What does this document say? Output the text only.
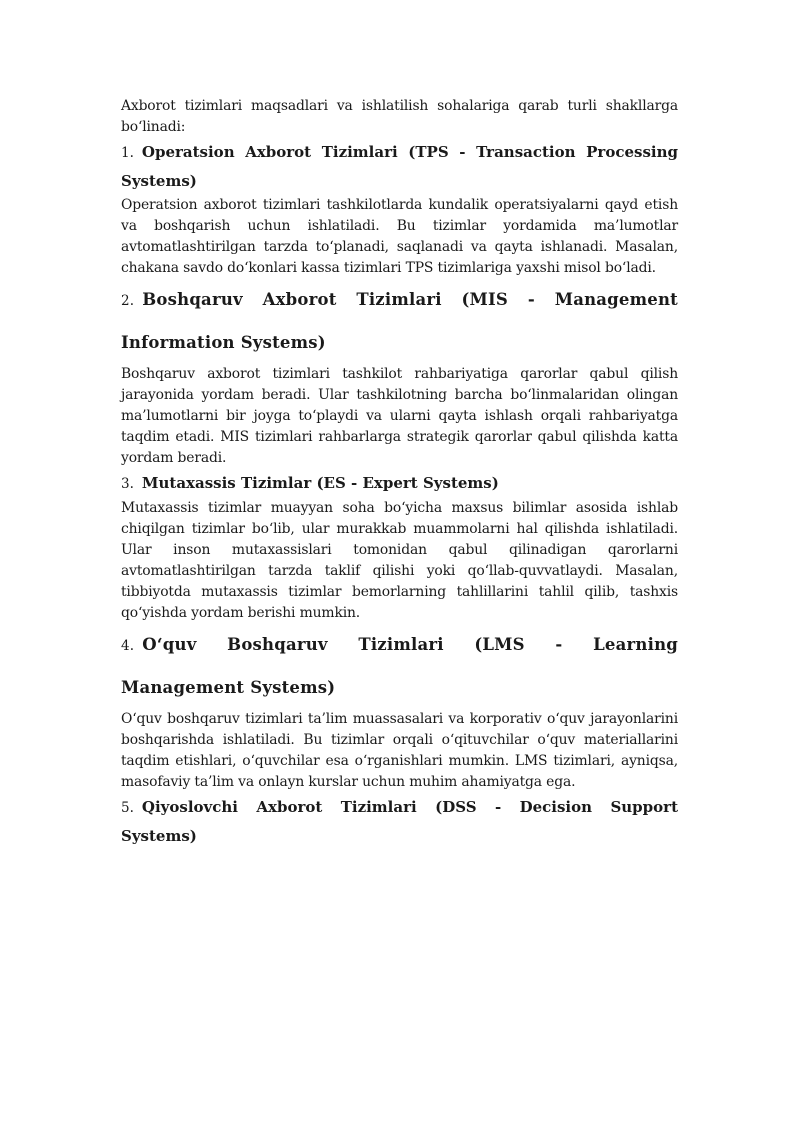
Axborot tizimlari maqsadlari va ishlatilish sohalariga qarab turli shakllarga bo‘linadi:

1. Operatsion Axborot Tizimlari (TPS - Transaction Processing Systems)

Operatsion axborot tizimlari tashkilotlarda kundalik operatsiyalarni qayd etish va boshqarish uchun ishlatiladi. Bu tizimlar yordamida ma’lumotlar avtomatlashtirilgan tarzda to‘planadi, saqlanadi va qayta ishlanadi. Masalan, chakana savdo do‘konlari kassa tizimlari TPS tizimlariga yaxshi misol bo‘ladi.

2. Boshqaruv Axborot Tizimlari (MIS - Management Information Systems)

Boshqaruv axborot tizimlari tashkilot rahbariyatiga qarorlar qabul qilish jarayonida yordam beradi. Ular tashkilotning barcha bo‘linmalaridan olingan ma’lumotlarni bir joyga to‘playdi va ularni qayta ishlash orqali rahbariyatga taqdim etadi. MIS tizimlari rahbarlarga strategik qarorlar qabul qilishda katta yordam beradi.

3. Mutaxassis Tizimlar (ES - Expert Systems)

Mutaxassis tizimlar muayyan soha bo‘yicha maxsus bilimlar asosida ishlab chiqilgan tizimlar bo‘lib, ular murakkab muammolarni hal qilishda ishlatiladi. Ular inson mutaxassislari tomonidan qabul qilinadigan qarorlarni avtomatlashtirilgan tarzda taklif qilishi yoki qo‘llab-quvvatlaydi. Masalan, tibbiyotda mutaxassis tizimlar bemorlarning tahlillarini tahlil qilib, tashxis qo‘yishda yordam berishi mumkin.

4. O‘quv Boshqaruv Tizimlari (LMS - Learning Management Systems)

O‘quv boshqaruv tizimlari ta’lim muassasalari va korporativ o‘quv jarayonlarini boshqarishda ishlatiladi. Bu tizimlar orqali o‘qituvchilar o‘quv materiallarini taqdim etishlari, o‘quvchilar esa o‘rganishlari mumkin. LMS tizimlari, ayniqsa, masofaviy ta’lim va onlayn kurslar uchun muhim ahamiyatga ega.

5. Qiyoslovchi Axborot Tizimlari (DSS - Decision Support Systems)
